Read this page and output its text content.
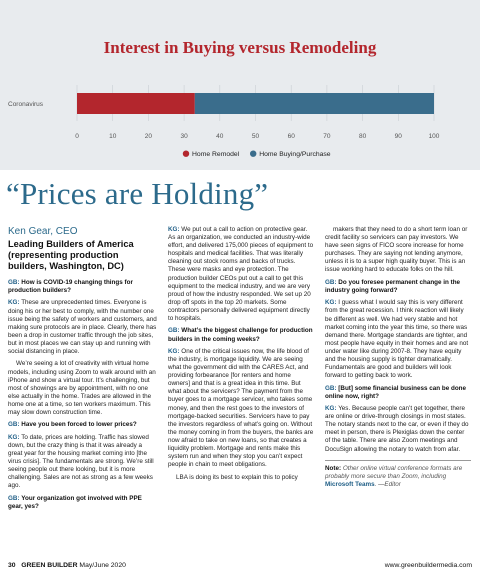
Interest in Buying versus Remodeling
0	10	20	30	40	50	60	70	80	90	100
Coronavirus
Home Remodel	Home Buying/Purchase
“Prices are Holding”
Ken Gear, CEO
Leading Builders of America (representing production builders, Washington, DC)

GB: How is COVID-19 changing things for production builders?

KG: These are unprecedented times. Everyone is doing his or her best to comply, with the number one issue being the safety of workers and customers, and making sure protocols are in place. Clearly, there has been a drop in customer traffic through the job sites, but in most places we can stay up and running with social distancing in place.

We’re seeing a lot of creativity with virtual home models, including using Zoom to walk around with an iPhone and show a virtual tour. It’s challenging, but most of showings are by appointment, with no one else actually in the home. Trades are allowed in the home one at a time, so ten workers maximum. This may slow down construction time.

GB: Have you been forced to lower prices?

KG: To date, prices are holding. Traffic has slowed down, but the crazy thing is that it was already a great year for the housing market coming into [the virus crisis]. The fundamentals are strong. We’re still seeing people out there looking, but it is more challenging. Sales are not as strong as a few weeks ago.

GB: Your organization got involved with PPE gear, yes?

KG: We put out a call to action on protective gear. As an organization, we conducted an industry-wide effort, and delivered 175,000 pieces of equipment to hospitals and medical facilities. That was literally cleaning out stock rooms and backs of trucks. These were masks and eye protection. The production builder CEOs put out a call to get this equipment to the medical industry, and we are very proud of how the industry responded. We set up 20 drop off spots in the top 20 markets. Some contractors personally delivered equipment directly to hospitals.

GB: What’s the biggest challenge for production builders in the coming weeks?

KG: One of the critical issues now, the life blood of the industry, is mortgage liquidity. We are seeing what the government did with the CARES Act, and providing forbearance [for renters and home owners] and that is a great idea in this time. But what about the servicers? The payment from the buyer goes to a mortgage servicer, who takes some money, and then the rest goes to the investors of mortgage-backed securities. Servicers have to pay the investors regardless of what’s going on. Without the money coming in from the buyers, the banks are now afraid to take on new loans, so that creates a liquidity problem. Mortgage and rents make this system run and when they stop you can’t expect people in chain to meet obligations.

LBA is doing its best to explain this to policy

makers that they need to do a short term loan or credit facility so servicers can pay investors. We have seen signs of FICO score increase for home purchases. They are saying not lending anymore, unless it is to a super high quality buyer. This is an issue working hard to educate folks on the hill.

GB: Do you foresee permanent change in the industry going forward?

KG: I guess what I would say this is very different from the great recession. I think reaction will likely be different as well. We had very stable and hot market coming into the year this time, so there was demand there. Mortgage standards are tighter, and most people have equity in their homes and are not under water like during 2007-8. They have equity and the housing supply is tighter dramatically. Fundamentals are good and builders will look forward to getting back to work.

GB: [But] some financial business can be done online now, right?

KG: Yes. Because people can’t get together, there are online or drive-through closings in most states. The notary stands next to the car, or even if they do meet in person, there is Plexiglas down the center of the table. There are also Zoom meetings and DocuSign allowing the notary to watch from afar.

Note: Other online virtual conference formats are probably more secure than Zoom, including Microsoft Teams. —Editor
30 GREEN BUILDER May/June 2020	www.greenbuildermedia.com
